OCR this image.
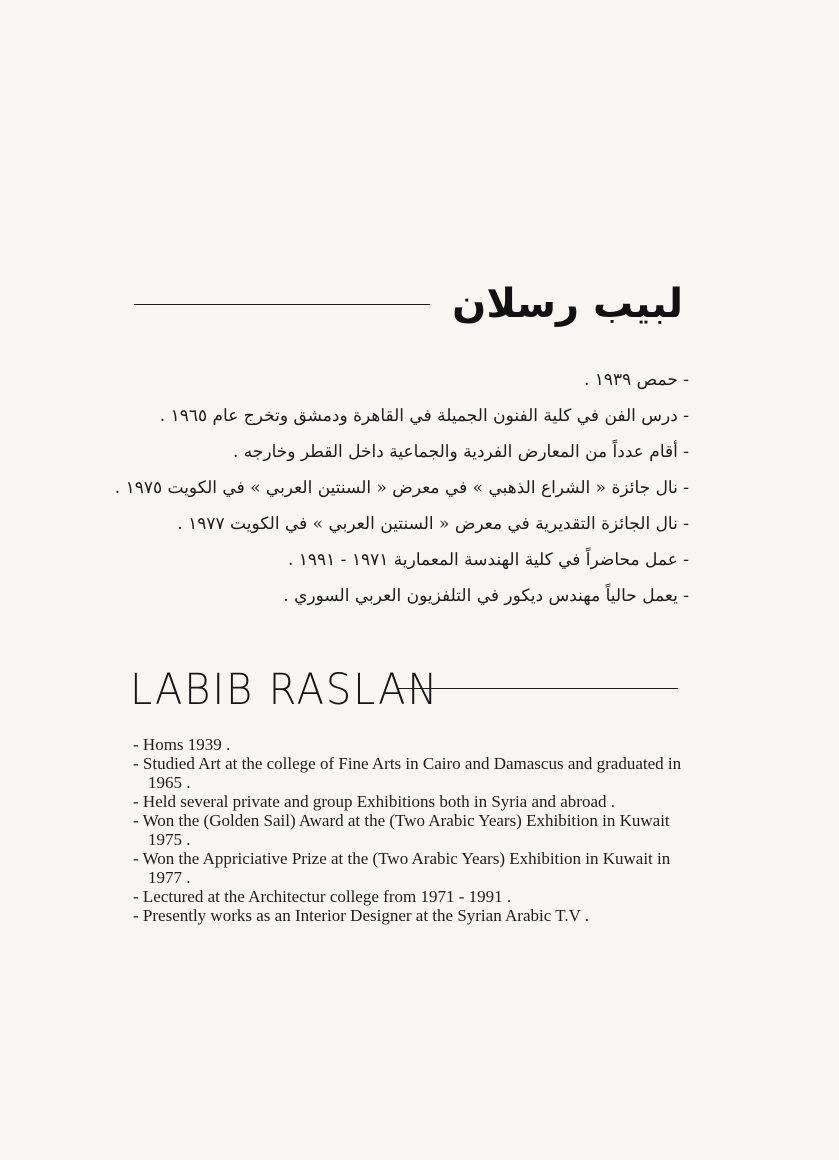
لبيب رسلان
- حمص ١٩٣٩ .
- درس الفن في كلية الفنون الجميلة في القاهرة ودمشق وتخرج عام ١٩٦٥ .
- أقام عدداً من المعارض الفردية والجماعية داخل القطر وخارجه .
- نال جائزة « الشراع الذهبي » في معرض « السنتين العربي » في الكويت ١٩٧٥ .
- نال الجائزة التقديرية في معرض « السنتين العربي » في الكويت ١٩٧٧ .
- عمل محاضراً في كلية الهندسة المعمارية ١٩٧١ - ١٩٩١ .
- يعمل حالياً مهندس ديكور في التلفزيون العربي السوري .
LABIB RASLAN
- Homs 1939 .
- Studied Art at the college of Fine Arts in Cairo and Damascus and graduated in 1965 .
- Held several private and group Exhibitions both in Syria and abroad .
- Won the (Golden Sail) Award at the (Two Arabic Years) Exhibition in Kuwait 1975 .
- Won the Appriciative Prize at the (Two Arabic Years) Exhibition in Kuwait in 1977 .
- Lectured at the Architectur college from 1971 - 1991 .
- Presently works as an Interior Designer at the Syrian Arabic T.V .
